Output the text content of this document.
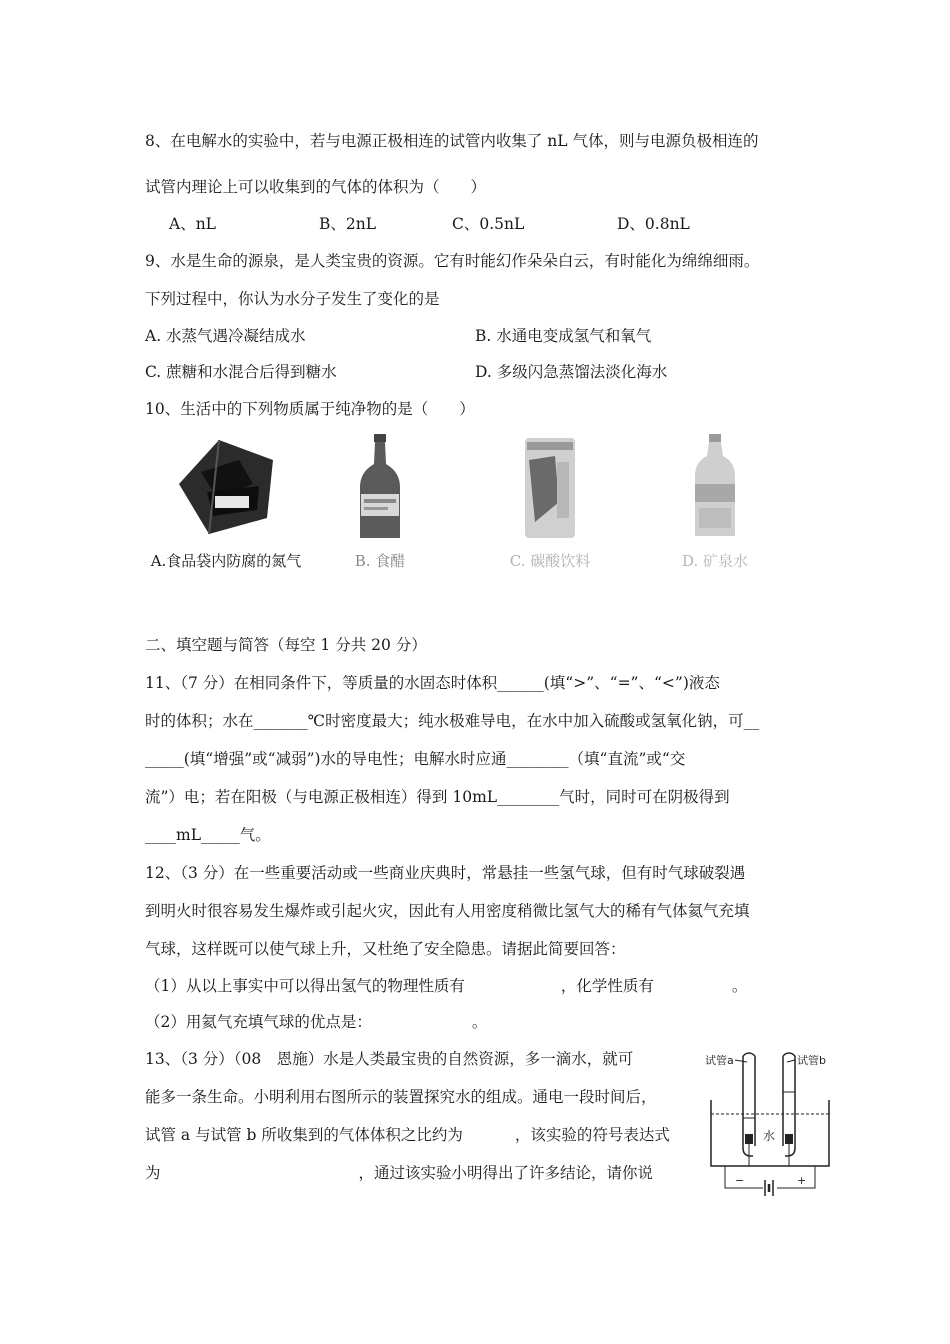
8、在电解水的实验中，若与电源正极相连的试管内收集了 nL 气体，则与电源负极相连的
试管内理论上可以收集到的气体的体积为（　　）
A、nL	B、2nL	C、0.5nL	D、0.8nL
9、水是生命的源泉，是人类宝贵的资源。它有时能幻作朵朵白云，有时能化为绵绵细雨。
下列过程中，你认为水分子发生了变化的是
A. 水蒸气遇冷凝结成水	B. 水通电变成氢气和氧气
C. 蔗糖和水混合后得到糖水	D. 多级闪急蒸馏法淡化海水
10、生活中的下列物质属于纯净物的是（　　）
A.食品袋内防腐的氮气	B. 食醋	C. 碳酸饮料	D. 矿泉水
二、填空题与简答（每空 1 分共 20 分）
11、（7 分）在相同条件下，等质量的水固态时体积______(填“>”、“=”、“<”)液态
时的体积；水在_______℃时密度最大；纯水极难导电，在水中加入硫酸或氢氧化钠，可__
_____(填“增强”或“减弱”)水的导电性；电解水时应通________（填“直流”或“交
流”）电；若在阳极（与电源正极相连）得到 10mL________气时，同时可在阴极得到
____mL_____气。
12、（3 分）在一些重要活动或一些商业庆典时，常悬挂一些氢气球，但有时气球破裂遇
到明火时很容易发生爆炸或引起火灾，因此有人用密度稍微比氢气大的稀有气体氦气充填
气球，这样既可以使气球上升，又杜绝了安全隐患。请据此简要回答：
（1）从以上事实中可以得出氢气的物理性质有	，化学性质有	。
（2）用氦气充填气球的优点是：	。
13、（3 分）（08　恩施）水是人类最宝贵的自然资源，多一滴水，就可
能多一条生命。小明利用右图所示的装置探究水的组成。通电一段时间后，
试管 a 与试管 b 所收集到的气体体积之比约为	，该实验的符号表达式
为	，通过该实验小明得出了许多结论，请你说
试管a	试管b
水
−	+
